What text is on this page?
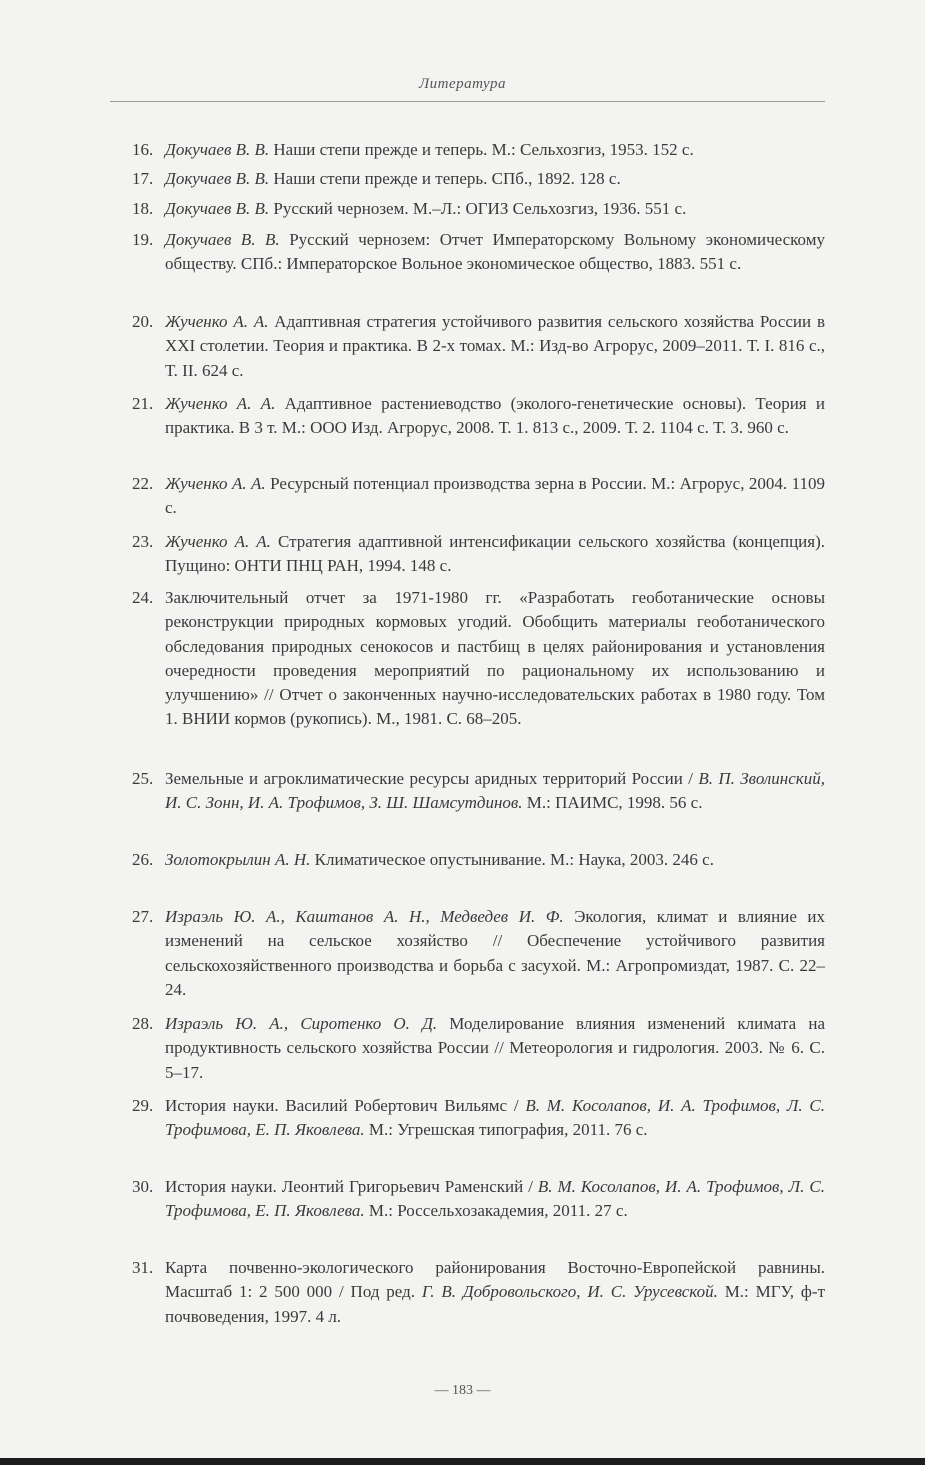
Литература
16. Докучаев В. В. Наши степи прежде и теперь. М.: Сельхозгиз, 1953. 152 с.
17. Докучаев В. В. Наши степи прежде и теперь. СПб., 1892. 128 с.
18. Докучаев В. В. Русский чернозем. М.–Л.: ОГИЗ Сельхозгиз, 1936. 551 с.
19. Докучаев В. В. Русский чернозем: Отчет Императорскому Вольному экономическому обществу. СПб.: Императорское Вольное экономическое общество, 1883. 551 с.
20. Жученко А. А. Адаптивная стратегия устойчивого развития сельского хозяйства России в XXI столетии. Теория и практика. В 2-х томах. М.: Изд-во Агрорус, 2009–2011. Т. I. 816 с., Т. II. 624 с.
21. Жученко А. А. Адаптивное растениеводство (эколого-генетические основы). Теория и практика. В 3 т. М.: ООО Изд. Агрорус, 2008. Т. 1. 813 с., 2009. Т. 2. 1104 с. Т. 3. 960 с.
22. Жученко А. А. Ресурсный потенциал производства зерна в России. М.: Агрорус, 2004. 1109 с.
23. Жученко А. А. Стратегия адаптивной интенсификации сельского хозяйства (концепция). Пущино: ОНТИ ПНЦ РАН, 1994. 148 с.
24. Заключительный отчет за 1971-1980 гг. «Разработать геоботанические основы реконструкции природных кормовых угодий. Обобщить материалы геоботанического обследования природных сенокосов и пастбищ в целях районирования и установления очередности проведения мероприятий по рациональному их использованию и улучшению» // Отчет о законченных научно-исследовательских работах в 1980 году. Том 1. ВНИИ кормов (рукопись). М., 1981. С. 68–205.
25. Земельные и агроклиматические ресурсы аридных территорий России / В. П. Зволинский, И. С. Зонн, И. А. Трофимов, З. Ш. Шамсутдинов. М.: ПАИМС, 1998. 56 с.
26. Золотокрылин А. Н. Климатическое опустынивание. М.: Наука, 2003. 246 с.
27. Израэль Ю. А., Каштанов А. Н., Медведев И. Ф. Экология, климат и влияние их изменений на сельское хозяйство // Обеспечение устойчивого развития сельскохозяйственного производства и борьба с засухой. М.: Агропромиздат, 1987. С. 22–24.
28. Израэль Ю. А., Сиротенко О. Д. Моделирование влияния изменений климата на продуктивность сельского хозяйства России // Метеорология и гидрология. 2003. № 6. С. 5–17.
29. История науки. Василий Робертович Вильямс / В. М. Косолапов, И. А. Трофимов, Л. С. Трофимова, Е. П. Яковлева. М.: Угрешская типография, 2011. 76 с.
30. История науки. Леонтий Григорьевич Раменский / В. М. Косолапов, И. А. Трофимов, Л. С. Трофимова, Е. П. Яковлева. М.: Россельхозакадемия, 2011. 27 с.
31. Карта почвенно-экологического районирования Восточно-Европейской равнины. Масштаб 1: 2 500 000 / Под ред. Г. В. Добровольского, И. С. Урусевской. М.: МГУ, ф-т почвоведения, 1997. 4 л.
— 183 —
